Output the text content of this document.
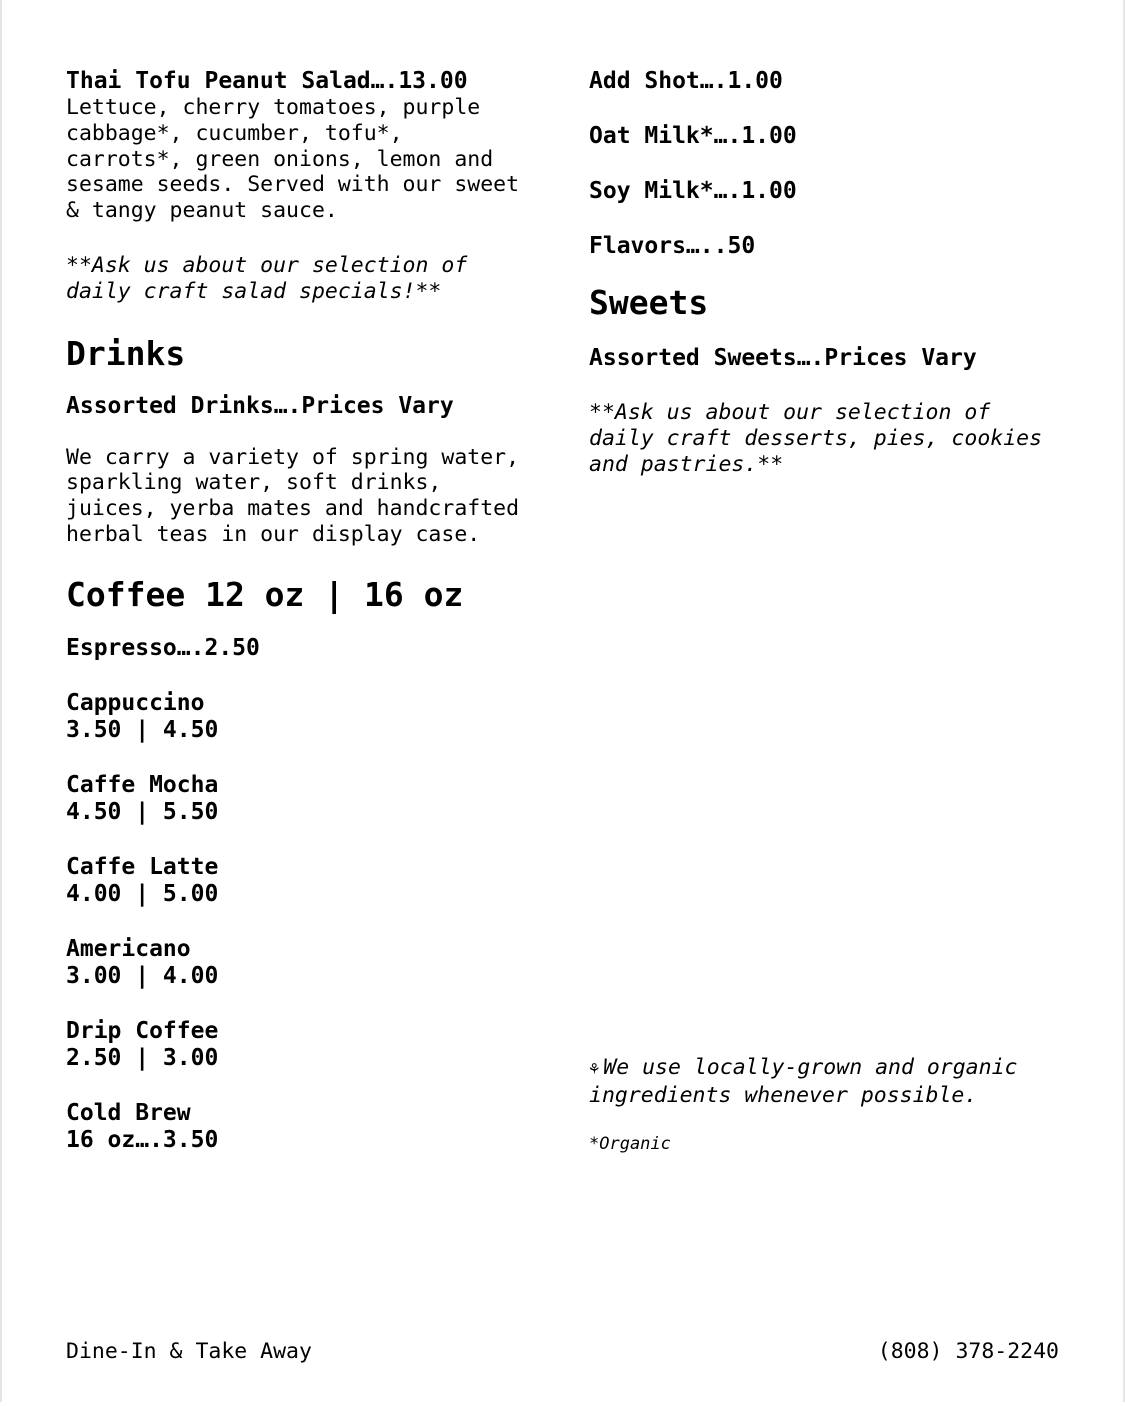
Thai Tofu Peanut Salad….13.00

Lettuce, cherry tomatoes, purple

cabbage*, cucumber, tofu*,

carrots*, green onions, lemon and

sesame seeds. Served with our sweet

& tangy peanut sauce.

**Ask us about our selection of

daily craft salad specials!**

Drinks

Assorted Drinks….Prices Vary

We carry a variety of spring water,

sparkling water, soft drinks,

juices, yerba mates and handcrafted

herbal teas in our display case.

Coffee 12 oz | 16 oz

Espresso….2.50

Cappuccino

3.50 | 4.50

Caffe Mocha

4.50 | 5.50

Caffe Latte

4.00 | 5.00

Americano

3.00 | 4.00

Drip Coffee

2.50 | 3.00

Cold Brew

16 oz….3.50

Add Shot….1.00

Oat Milk*….1.00

Soy Milk*….1.00

Flavors…..50

Sweets

Assorted Sweets….Prices Vary

**Ask us about our selection of

daily craft desserts, pies, cookies

and pastries.**

⚘ We use locally-grown and organic

ingredients whenever possible.

*Organic

Dine-In & Take Away	(808) 378-2240
